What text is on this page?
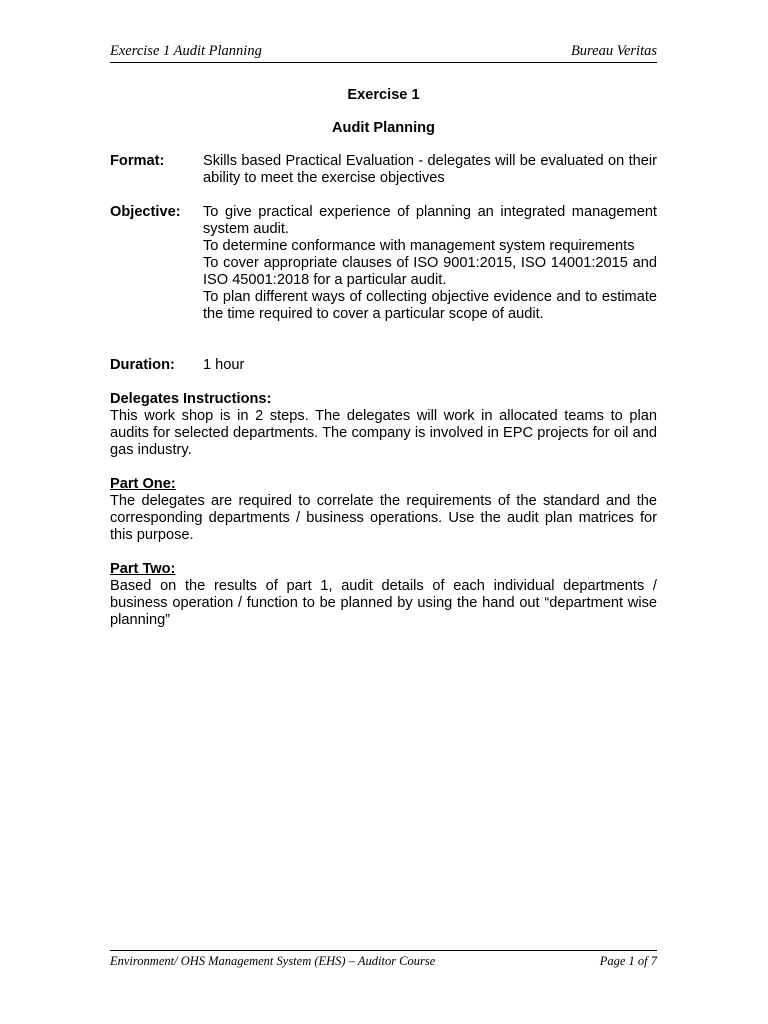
Exercise 1 Audit Planning	Bureau Veritas

Exercise 1

Audit Planning

Format:	Skills based Practical Evaluation - delegates will be evaluated on their ability to meet the exercise objectives

Objective:	To give practical experience of planning an integrated management system audit.

To determine conformance with management system requirements

To cover appropriate clauses of ISO 9001:2015, ISO 14001:2015 and ISO 45001:2018 for a particular audit.

To plan different ways of collecting objective evidence and to estimate the time required to cover a particular scope of audit.

Duration:	1 hour

Delegates Instructions:

This work shop is in 2 steps. The delegates will work in allocated teams to plan audits for selected departments. The company is involved in EPC projects for oil and gas industry.

Part One:

The delegates are required to correlate the requirements of the standard and the corresponding departments / business operations. Use the audit plan matrices for this purpose.

Part Two:

Based on the results of part 1, audit details of each individual departments / business operation / function to be planned by using the hand out “department wise planning”

Environment/ OHS Management System (EHS) – Auditor Course	Page 1 of 7
